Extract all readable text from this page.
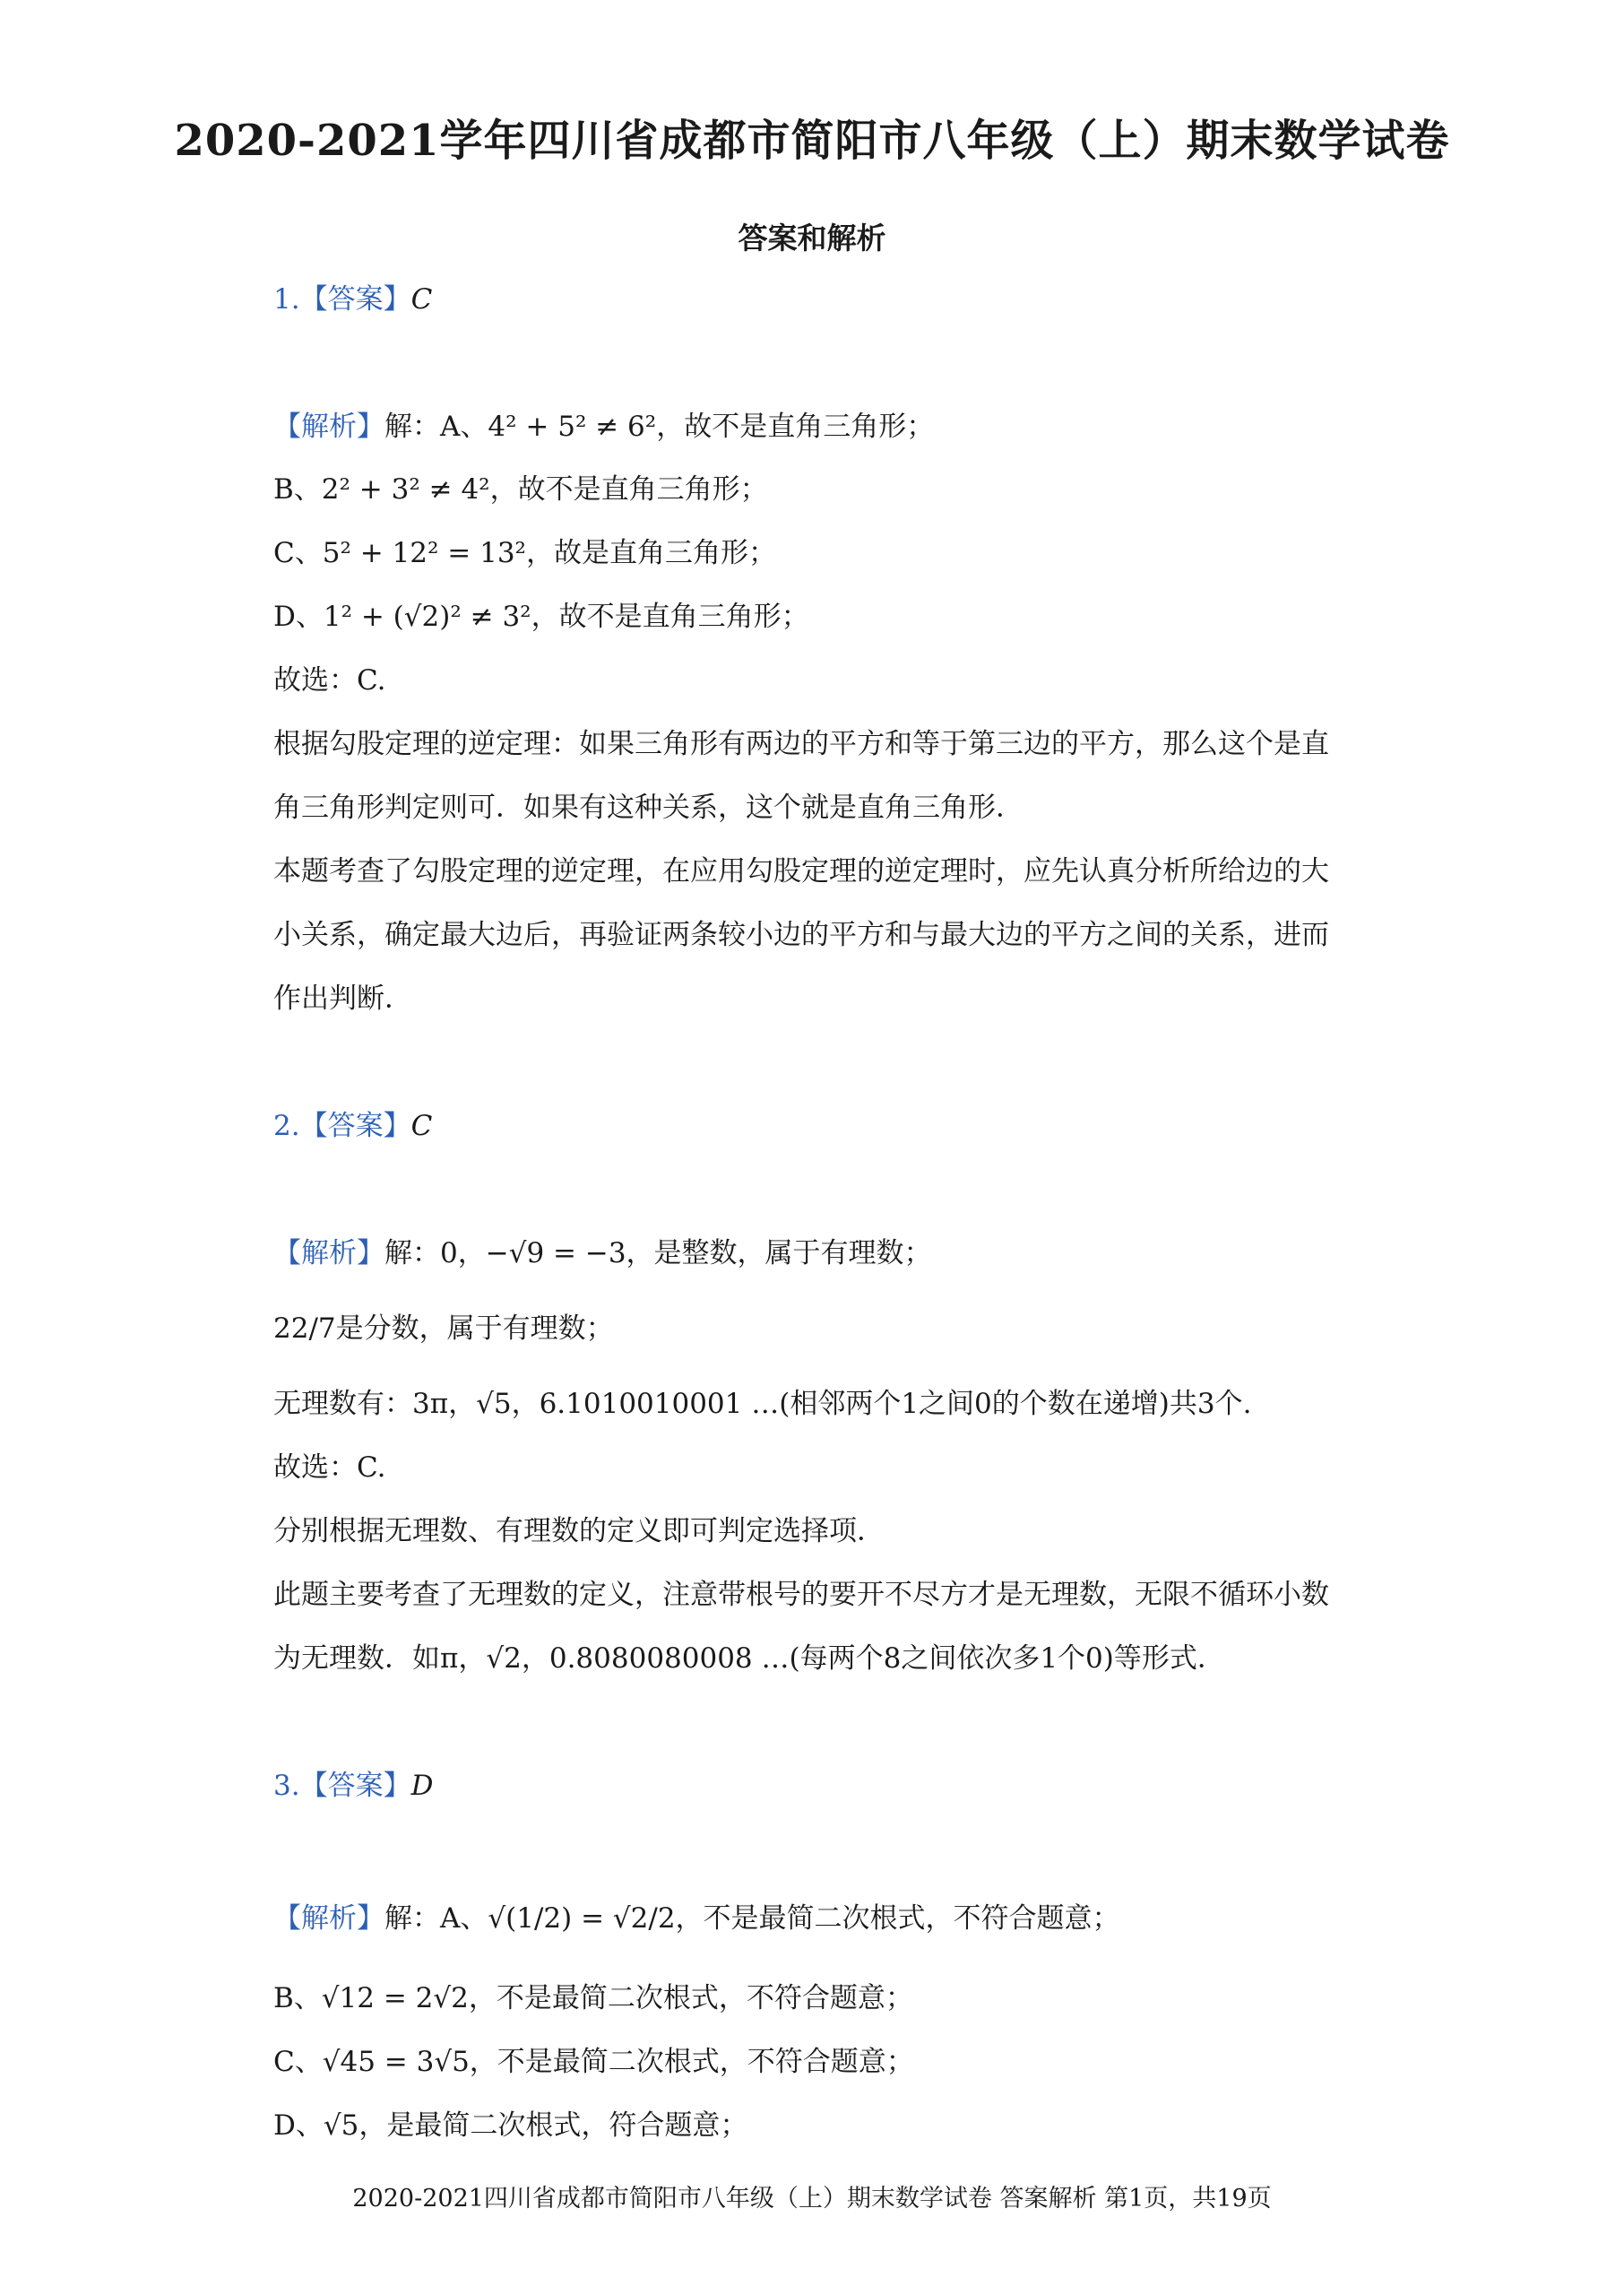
2020-2021学年四川省成都市简阳市八年级（上）期末数学试卷
答案和解析
1.【答案】C
【解析】解：A、4² + 5² ≠ 6²，故不是直角三角形；
B、2² + 3² ≠ 4²，故不是直角三角形；
C、5² + 12² = 13²，故是直角三角形；
D、1² + (√2)² ≠ 3²，故不是直角三角形；
故选：C.
根据勾股定理的逆定理：如果三角形有两边的平方和等于第三边的平方，那么这个是直
角三角形判定则可．如果有这种关系，这个就是直角三角形．
本题考查了勾股定理的逆定理，在应用勾股定理的逆定理时，应先认真分析所给边的大
小关系，确定最大边后，再验证两条较小边的平方和与最大边的平方之间的关系，进而
作出判断．
2.【答案】C
【解析】解：0，−√9 = −3，是整数，属于有理数；
22/7是分数，属于有理数；
无理数有：3π，√5，6.1010010001 …(相邻两个1之间0的个数在递增)共3个.
故选：C.
分别根据无理数、有理数的定义即可判定选择项．
此题主要考查了无理数的定义，注意带根号的要开不尽方才是无理数，无限不循环小数
为无理数．如π，√2，0.8080080008 …(每两个8之间依次多1个0)等形式．
3.【答案】D
【解析】解：A、√(1/2) = √2/2，不是最简二次根式，不符合题意；
B、√12 = 2√2，不是最简二次根式，不符合题意；
C、√45 = 3√5，不是最简二次根式，不符合题意；
D、√5，是最简二次根式，符合题意；
2020-2021四川省成都市简阳市八年级（上）期末数学试卷 答案解析 第1页，共19页
